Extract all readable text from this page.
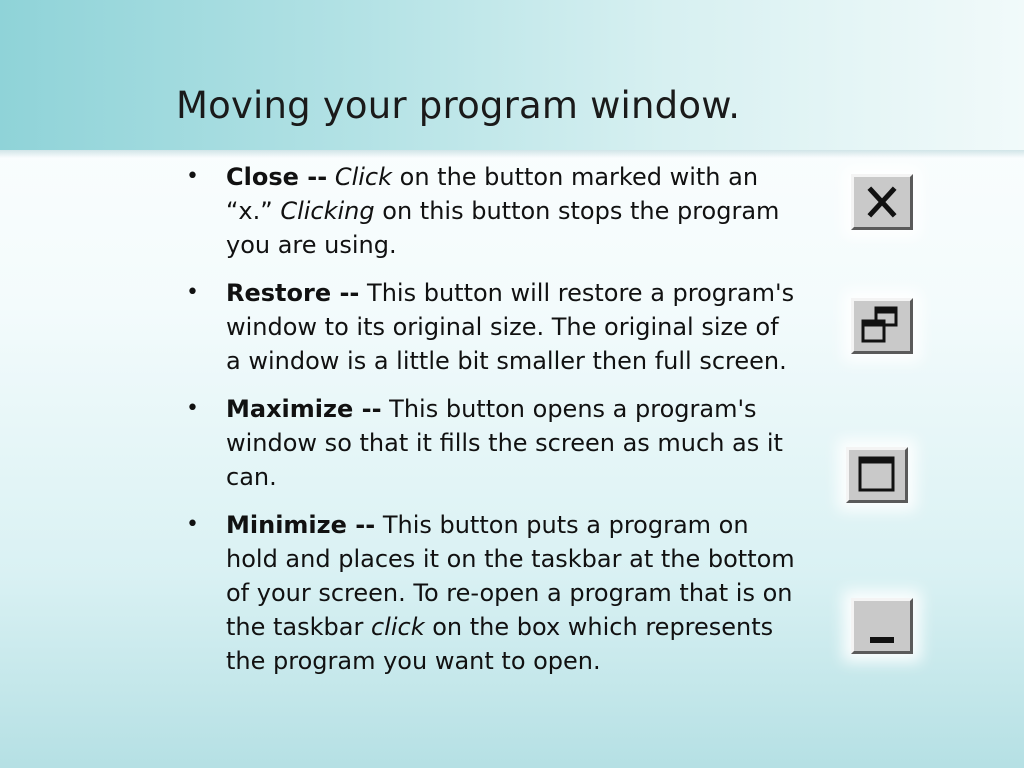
Moving your program window.
• Close -- Click on the button marked with an “x.” Clicking on this button stops the program you are using.
• Restore -- This button will restore a program's window to its original size. The original size of a window is a little bit smaller then full screen.
• Maximize -- This button opens a program's window so that it fills the screen as much as it can.
• Minimize -- This button puts a program on hold and places it on the taskbar at the bottom of your screen. To re-open a program that is on the taskbar click on the box which represents the program you want to open.
